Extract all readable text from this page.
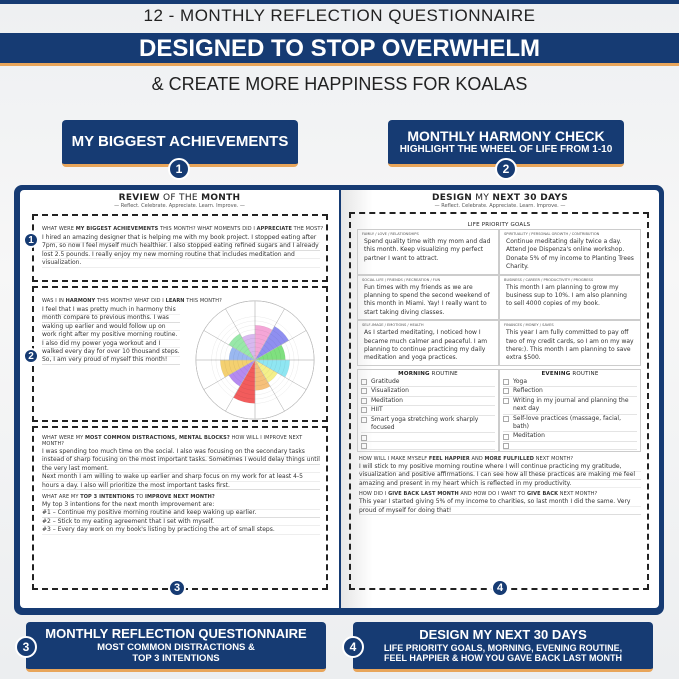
12 - MONTHLY REFLECTION QUESTIONNAIRE
DESIGNED TO STOP OVERWHELM
& CREATE MORE HAPPINESS FOR KOALAS
MY BIGGEST ACHIEVEMENTS	MONTHLY HARMONY CHECK
HIGHLIGHT THE WHEEL OF LIFE FROM 1-10
REVIEW OF THE MONTH
— Reflect. Celebrate. Appreciate. Learn. Improve. —
WHAT WERE MY BIGGEST ACHIEVEMENTS THIS MONTH? WHAT MOMENTS DID I APPRECIATE THE MOST?
I hired an amazing designer that is helping me with my book project. I stopped eating after 7pm, so now I feel myself much healthier. I also stopped eating refined sugars and I already lost 2.5 pounds. I really enjoy my new morning routine that includes meditation and visualization.
1
WAS I IN HARMONY THIS MONTH? WHAT DID I LEARN THIS MONTH?
I feel that I was pretty much in harmony this month compare to previous months. I was waking up earlier and would follow up on work right after my positive morning routine. I also did my power yoga workout and I walked every day for over 10 thousand steps. So, I am very proud of myself this month!
2
WHAT WERE MY MOST COMMON DISTRACTIONS, MENTAL BLOCKS? HOW WILL I IMPROVE NEXT MONTH?
I was spending too much time on the social. I also was focusing on the secondary tasks instead of sharp focusing on the most important tasks. Sometimes I would delay things until the very last moment.
Next month I am willing to wake up earlier and sharp focus on my work for at least 4-5 hours a day. I also will prioritize the most important tasks first.
WHAT ARE MY TOP 3 INTENTIONS TO IMPROVE NEXT MONTH?
My top 3 intentions for the next month improvement are:
#1 – Continue my positive morning routine and keep waking up earlier.
#2 – Stick to my eating agreement that I set with myself.
#3 – Every day work on my book's listing by practicing the art of small steps.
3
DESIGN MY NEXT 30 DAYS
— Reflect. Celebrate. Appreciate. Learn. Improve. —
LIFE PRIORITY GOALS
FAMILY / LOVE / RELATIONSHIPS
Spend quality time with my mom and dad this month. Keep visualizing my perfect partner I want to attract.
SPIRITUALITY / PERSONAL GROWTH / CONTRIBUTION
Continue meditating daily twice a day. Attend Joe Dispenza's online workshop. Donate 5% of my income to Planting Trees Charity.
SOCIAL LIFE / FRIENDS / RECREATION / FUN
Fun times with my friends as we are planning to spend the second weekend of this month in Miami. Yay! I really want to start taking diving classes.
BUSINESS / CAREER / PRODUCTIVITY / PROGRESS
This month I am planning to grow my business sup to 10%. I am also planning to sell 4000 copies of my book.
SELF-IMAGE / EMOTIONS / HEALTH
As I started meditating, I noticed how I became much calmer and peaceful. I am planning to continue practicing my daily meditation and yoga practices.
FINANCES / MONEY / SAVES
This year I am fully committed to pay off two of my credit cards, so I am on my way there:). This month I am planning to save extra $500.
MORNING ROUTINE
Gratitude
Visualization
Meditation
HIIT
Smart yoga stretching work sharply focused
EVENING ROUTINE
Yoga
Reflection
Writing in my journal and planning the next day
Self-love practices (massage, facial, bath)
Meditation
HOW WILL I MAKE MYSELF FEEL HAPPIER AND MORE FULFILLED NEXT MONTH?
I will stick to my positive morning routine where I will continue practicing my gratitude, visualization and positive affirmations. I can see how all these practices are making me feel amazing and present in my heart which is reflected in my productivity.
HOW DID I GIVE BACK LAST MONTH AND HOW DO I WANT TO GIVE BACK NEXT MONTH?
This year I started giving 5% of my income to charities, so last month I did the same. Very proud of myself for doing that!
4
1	2
MONTHLY REFLECTION QUESTIONNAIRE
MOST COMMON DISTRACTIONS &
TOP 3 INTENTIONS
3
DESIGN MY NEXT 30 DAYS
LIFE PRIORITY GOALS, MORNING, EVENING ROUTINE,
FEEL HAPPIER & HOW YOU GAVE BACK LAST MONTH
4
